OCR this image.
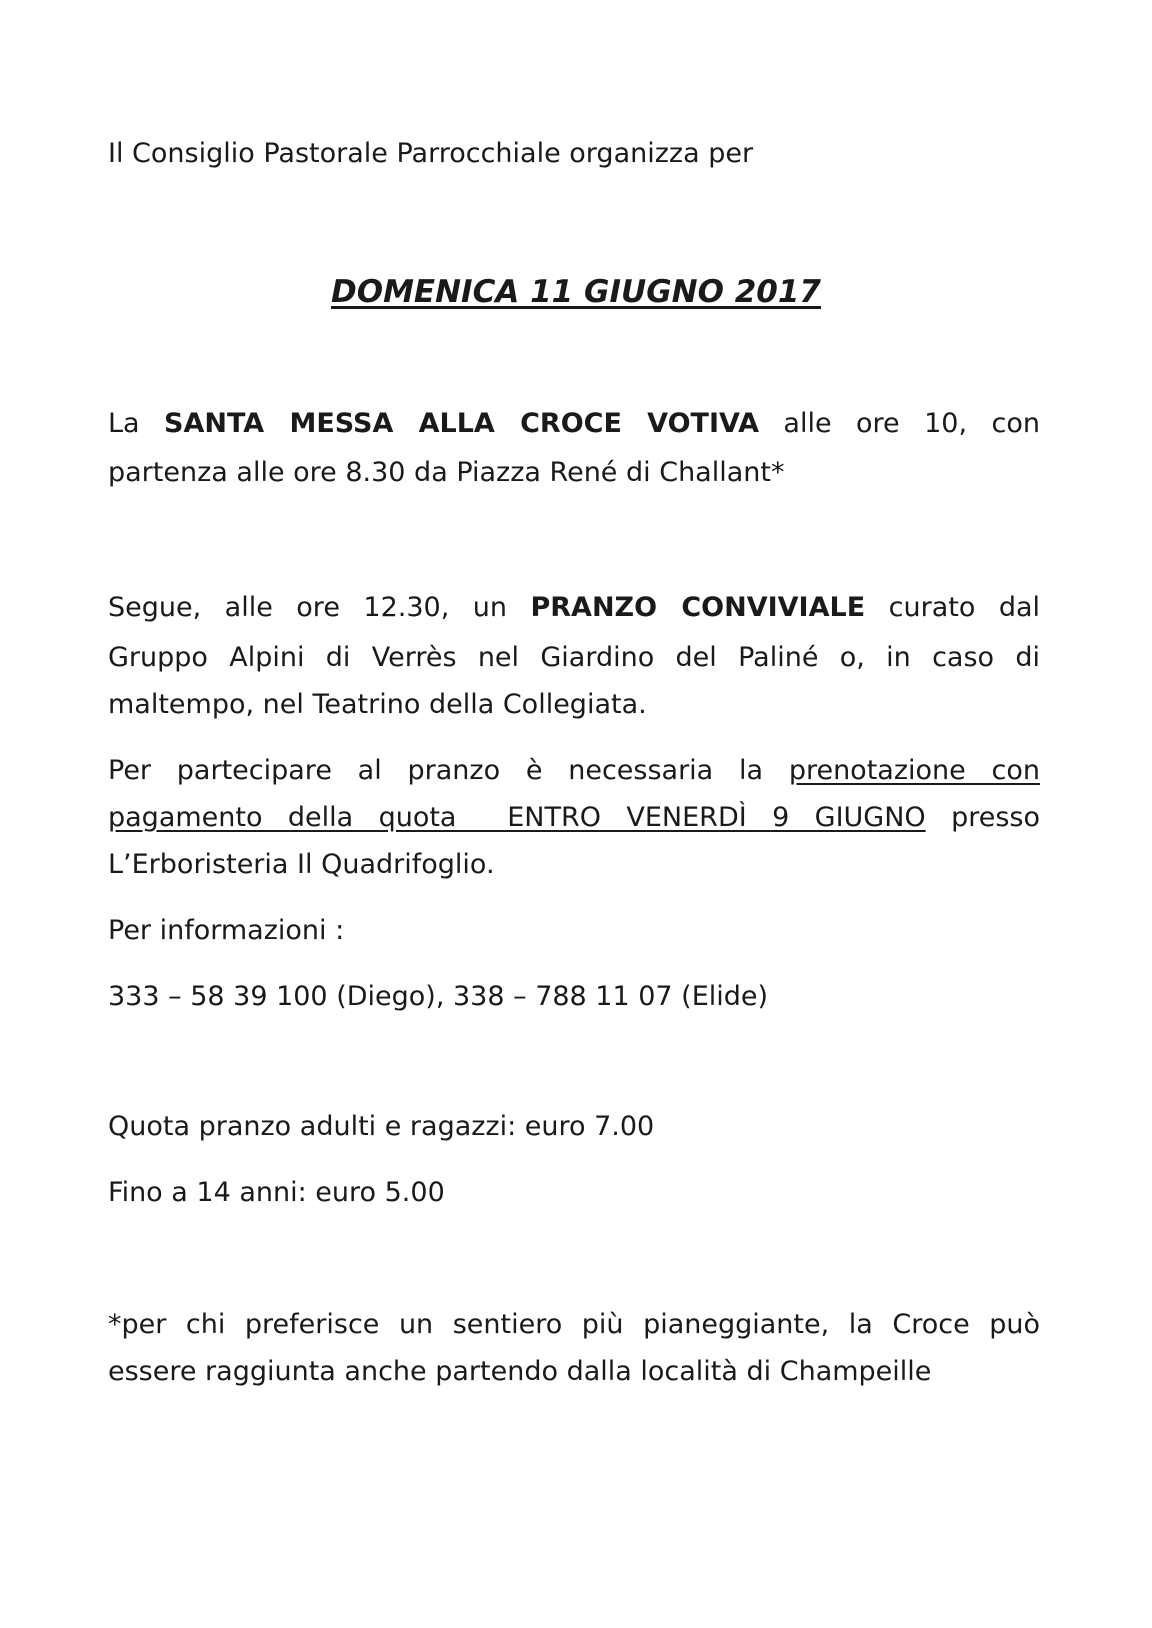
Il Consiglio Pastorale Parrocchiale organizza per
DOMENICA 11 GIUGNO 2017
La SANTA MESSA ALLA CROCE VOTIVA alle ore 10, con
partenza alle ore 8.30 da Piazza René di Challant*
Segue, alle ore 12.30, un PRANZO CONVIVIALE curato dal
Gruppo Alpini di Verrès nel Giardino del Paliné o, in caso di
maltempo, nel Teatrino della Collegiata.
Per partecipare al pranzo è necessaria la prenotazione con
pagamento della quota  ENTRO VENERDÌ 9 GIUGNO presso
L’Erboristeria Il Quadrifoglio.
Per informazioni :
333 – 58 39 100 (Diego), 338 – 788 11 07 (Elide)
Quota pranzo adulti e ragazzi: euro 7.00
Fino a 14 anni: euro 5.00
*per chi preferisce un sentiero più pianeggiante, la Croce può
essere raggiunta anche partendo dalla località di Champeille
